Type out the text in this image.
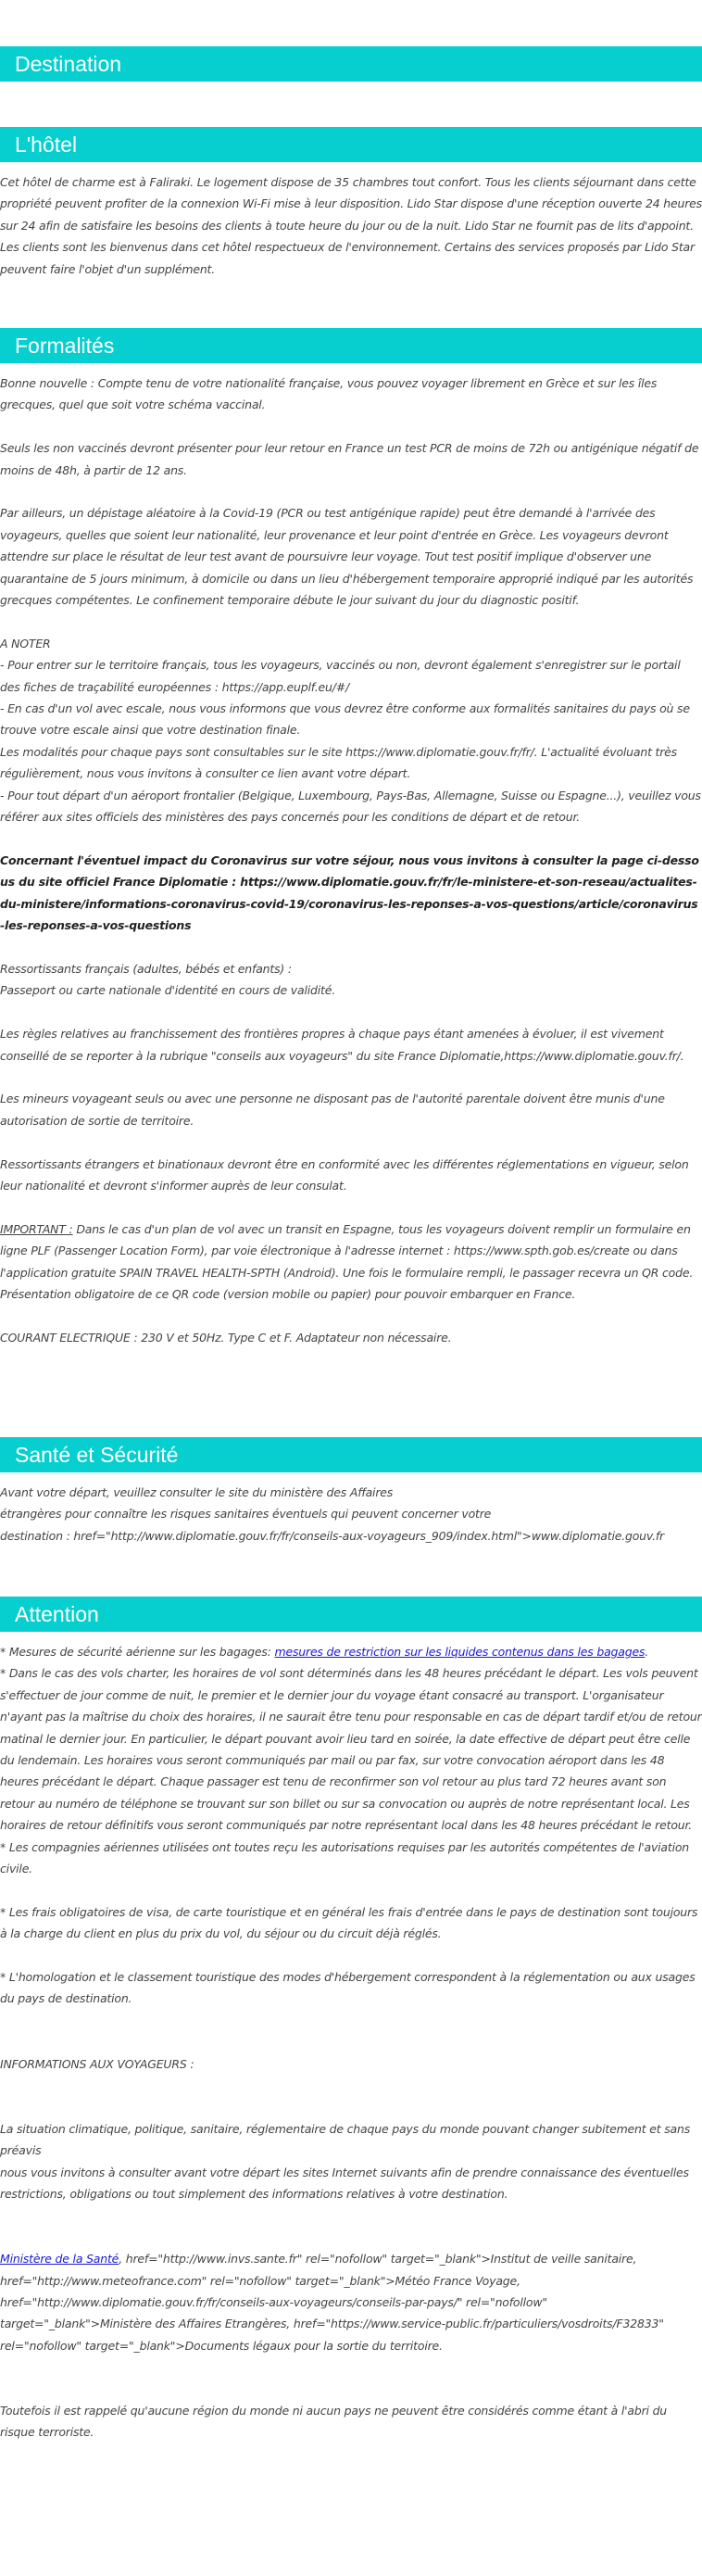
Destination
L'hôtel

Cet hôtel de charme est à Faliraki. Le logement dispose de 35 chambres tout confort. Tous les clients séjournant dans cette propriété peuvent profiter de la connexion Wi-Fi mise à leur disposition. Lido Star dispose d'une réception ouverte 24 heures sur 24 afin de satisfaire les besoins des clients à toute heure du jour ou de la nuit. Lido Star ne fournit pas de lits d'appoint. Les clients sont les bienvenus dans cet hôtel respectueux de l'environnement. Certains des services proposés par Lido Star peuvent faire l'objet d'un supplément.

Formalités

Bonne nouvelle : Compte tenu de votre nationalité française, vous pouvez voyager librement en Grèce et sur les îles grecques, quel que soit votre schéma vaccinal.

Seuls les non vaccinés devront présenter pour leur retour en France un test PCR de moins de 72h ou antigénique négatif de moins de 48h, à partir de 12 ans.

Par ailleurs, un dépistage aléatoire à la Covid-19 (PCR ou test antigénique rapide) peut être demandé à l'arrivée des voyageurs, quelles que soient leur nationalité, leur provenance et leur point d'entrée en Grèce. Les voyageurs devront attendre sur place le résultat de leur test avant de poursuivre leur voyage. Tout test positif implique d'observer une quarantaine de 5 jours minimum, à domicile ou dans un lieu d'hébergement temporaire approprié indiqué par les autorités grecques compétentes. Le confinement temporaire débute le jour suivant du jour du diagnostic positif.

A NOTER

- Pour entrer sur le territoire français, tous les voyageurs, vaccinés ou non, devront également s'enregistrer sur le portail des fiches de traçabilité européennes : https://app.euplf.eu/#/

- En cas d'un vol avec escale, nous vous informons que vous devrez être conforme aux formalités sanitaires du pays où se trouve votre escale ainsi que votre destination finale.

Les modalités pour chaque pays sont consultables sur le site https://www.diplomatie.gouv.fr/fr/. L'actualité évoluant très régulièrement, nous vous invitons à consulter ce lien avant votre départ.

- Pour tout départ d'un aéroport frontalier (Belgique, Luxembourg, Pays-Bas, Allemagne, Suisse ou Espagne...), veuillez vous référer aux sites officiels des ministères des pays concernés pour les conditions de départ et de retour.

Concernant l'éventuel impact du Coronavirus sur votre séjour, nous vous invitons à consulter la page ci-dessous du site officiel France Diplomatie : https://www.diplomatie.gouv.fr/fr/le-ministere-et-son-reseau/actualites-du-ministere/informations-coronavirus-covid-19/coronavirus-les-reponses-a-vos-questions/article/coronavirus-les-reponses-a-vos-questions

Ressortissants français (adultes, bébés et enfants) :

Passeport ou carte nationale d'identité en cours de validité.

Les règles relatives au franchissement des frontières propres à chaque pays étant amenées à évoluer, il est vivement conseillé de se reporter à la rubrique "conseils aux voyageurs" du site France Diplomatie,https://www.diplomatie.gouv.fr/.

Les mineurs voyageant seuls ou avec une personne ne disposant pas de l'autorité parentale doivent être munis d'une autorisation de sortie de territoire.

Ressortissants étrangers et binationaux devront être en conformité avec les différentes réglementations en vigueur, selon leur nationalité et devront s'informer auprès de leur consulat.

IMPORTANT : Dans le cas d'un plan de vol avec un transit en Espagne, tous les voyageurs doivent remplir un formulaire en ligne PLF (Passenger Location Form), par voie électronique à l'adresse internet : https://www.spth.gob.es/create ou dans l'application gratuite SPAIN TRAVEL HEALTH-SPTH (Android). Une fois le formulaire rempli, le passager recevra un QR code. Présentation obligatoire de ce QR code (version mobile ou papier) pour pouvoir embarquer en France.

COURANT ELECTRIQUE : 230 V et 50Hz. Type C et F. Adaptateur non nécessaire.

Santé et Sécurité

Avant votre départ, veuillez consulter le site du ministère des Affaires

étrangères pour connaître les risques sanitaires éventuels qui peuvent concerner votre

destination : href="http://www.diplomatie.gouv.fr/fr/conseils-aux-voyageurs_909/index.html">www.diplomatie.gouv.fr

Attention

* Mesures de sécurité aérienne sur les bagages: mesures de restriction sur les liquides contenus dans les bagages.

* Dans le cas des vols charter, les horaires de vol sont déterminés dans les 48 heures précédant le départ. Les vols peuvent s'effectuer de jour comme de nuit, le premier et le dernier jour du voyage étant consacré au transport. L'organisateur n'ayant pas la maîtrise du choix des horaires, il ne saurait être tenu pour responsable en cas de départ tardif et/ou de retour matinal le dernier jour. En particulier, le départ pouvant avoir lieu tard en soirée, la date effective de départ peut être celle du lendemain. Les horaires vous seront communiqués par mail ou par fax, sur votre convocation aéroport dans les 48 heures précédant le départ. Chaque passager est tenu de reconfirmer son vol retour au plus tard 72 heures avant son retour au numéro de téléphone se trouvant sur son billet ou sur sa convocation ou auprès de notre représentant local. Les horaires de retour définitifs vous seront communiqués par notre représentant local dans les 48 heures précédant le retour.

* Les compagnies aériennes utilisées ont toutes reçu les autorisations requises par les autorités compétentes de l'aviation civile.

* Les frais obligatoires de visa, de carte touristique et en général les frais d'entrée dans le pays de destination sont toujours à la charge du client en plus du prix du vol, du séjour ou du circuit déjà réglés.

* L'homologation et le classement touristique des modes d'hébergement correspondent à la réglementation ou aux usages du pays de destination.

INFORMATIONS AUX VOYAGEURS :

La situation climatique, politique, sanitaire, réglementaire de chaque pays du monde pouvant changer subitement et sans préavis

nous vous invitons à consulter avant votre départ les sites Internet suivants afin de prendre connaissance des éventuelles restrictions, obligations ou tout simplement des informations relatives à votre destination.

Ministère de la Santé, href="http://www.invs.sante.fr" rel="nofollow" target="_blank">Institut de veille sanitaire, href="http://www.meteofrance.com" rel="nofollow" target="_blank">Météo France Voyage, href="http://www.diplomatie.gouv.fr/fr/conseils-aux-voyageurs/conseils-par-pays/" rel="nofollow" target="_blank">Ministère des Affaires Etrangères, href="https://www.service-public.fr/particuliers/vosdroits/F32833" rel="nofollow" target="_blank">Documents légaux pour la sortie du territoire.

Toutefois il est rappelé qu'aucune région du monde ni aucun pays ne peuvent être considérés comme étant à l'abri du risque terroriste.
